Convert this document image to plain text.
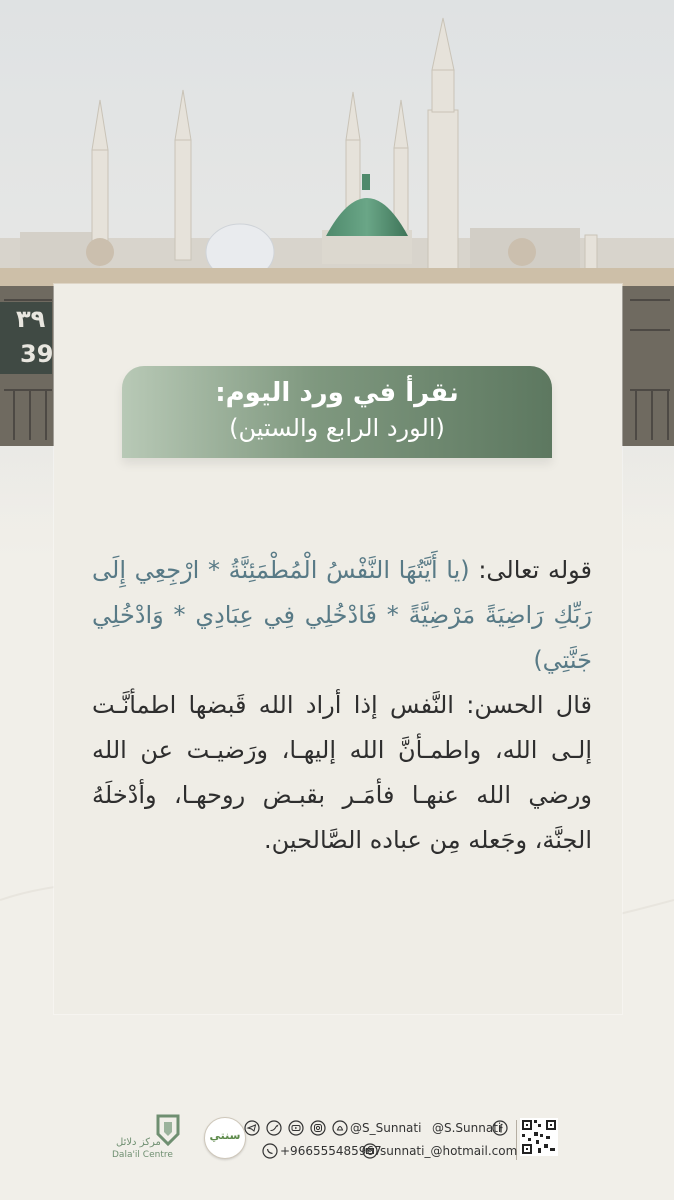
٣٩
39
نقرأ في ورد اليوم:
(الورد الرابع والستين)
قوله تعالى: (يا أَيَّتُهَا النَّفْسُ الْمُطْمَئِنَّةُ * ارْجِعِي إِلَى رَبِّكِ رَاضِيَةً مَرْضِيَّةً * فَادْخُلِي فِي عِبَادِي * وَادْخُلِي جَنَّتِي)
قال الحسن: النَّفس إذا أراد الله قَبضها اطمأنَّـت إلـى الله، واطمـأنَّ الله إليهـا، ورَضيـت عن الله ورضي الله عنهـا فأمَـر بقبـض روحهـا، وأدْخلَهُ الجنَّة، وجَعله مِن عباده الصَّالحين.
@S.Sunnati
@S_Sunnati
sunnati_@hotmail.com
+966555485967
سنتي
مركز دلائل
Dala'il Centre
